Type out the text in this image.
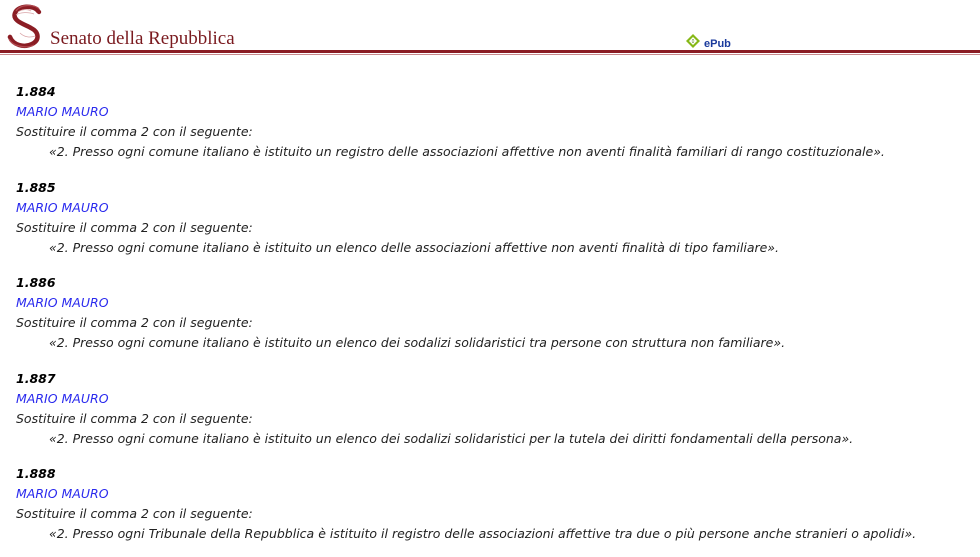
Senato della Repubblica	ePub
1.884
MARIO MAURO
Sostituire il comma 2 con il seguente:
«2. Presso ogni comune italiano è istituito un registro delle associazioni affettive non aventi finalità familiari di rango costituzionale».
1.885
MARIO MAURO
Sostituire il comma 2 con il seguente:
«2. Presso ogni comune italiano è istituito un elenco delle associazioni affettive non aventi finalità di tipo familiare».
1.886
MARIO MAURO
Sostituire il comma 2 con il seguente:
«2. Presso ogni comune italiano è istituito un elenco dei sodalizi solidaristici tra persone con struttura non familiare».
1.887
MARIO MAURO
Sostituire il comma 2 con il seguente:
«2. Presso ogni comune italiano è istituito un elenco dei sodalizi solidaristici per la tutela dei diritti fondamentali della persona».
1.888
MARIO MAURO
Sostituire il comma 2 con il seguente:
«2. Presso ogni Tribunale della Repubblica è istituito il registro delle associazioni affettive tra due o più persone anche stranieri o apolidi».
